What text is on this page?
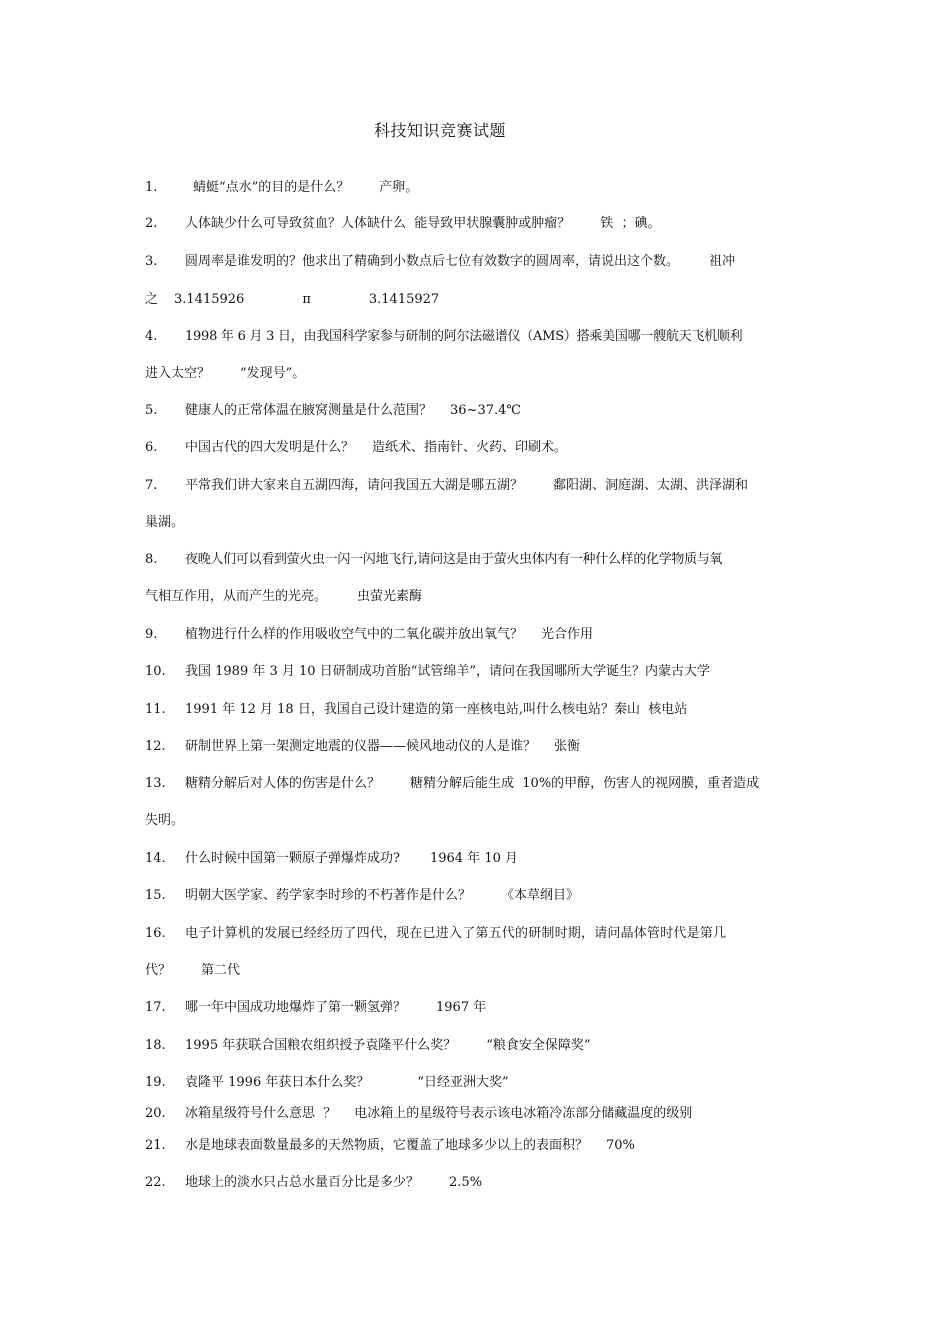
科技知识竞赛试题
1.	蜻蜓“点水”的目的是什么？ 产卵。
2. 人体缺少什么可导致贫血？人体缺什么  能导致甲状腺囊肿或肿瘤？ 铁  ；碘。
3. 圆周率是谁发明的？他求出了精确到小数点后七位有效数字的圆周率，请说出这个数。 祖冲
之 3.1415926	π	3.1415927
4. 1998 年 6 月 3 日，由我国科学家参与研制的阿尔法磁谱仪（AMS）搭乘美国哪一艘航天飞机顺利
进入太空？ “发现号”。
5. 健康人的正常体温在腋窝测量是什么范围？ 36~37.4℃
6. 中国古代的四大发明是什么？ 造纸术、指南针、火药、印刷术。
7. 平常我们讲大家来自五湖四海，请问我国五大湖是哪五湖？ 鄱阳湖、洞庭湖、太湖、洪泽湖和
巢湖。
8. 夜晚人们可以看到萤火虫一闪一闪地飞行,请问这是由于萤火虫体内有一种什么样的化学物质与氧
气相互作用，从而产生的光亮。 虫萤光素酶
9. 植物进行什么样的作用吸收空气中的二氧化碳并放出氧气？ 光合作用
10. 我国 1989 年 3 月 10 日研制成功首胎“试管绵羊”，请问在我国哪所大学诞生？内蒙古大学
11. 1991 年 12 月 18 日，我国自己设计建造的第一座核电站,叫什么核电站？秦山  核电站
12. 研制世界上第一架测定地震的仪器——候风地动仪的人是谁？ 张衡
13. 糖精分解后对人体的伤害是什么？ 糖精分解后能生成  10%的甲醇，伤害人的视网膜，重者造成
失明。
14. 什么时候中国第一颗原子弹爆炸成功? 1964 年 10 月
15. 明朝大医学家、药学家李时珍的不朽著作是什么？ 《本草纲目》
16. 电子计算机的发展已经经历了四代，现在已进入了第五代的研制时期，请问晶体管时代是第几
代？ 第二代
17. 哪一年中国成功地爆炸了第一颗氢弹？ 1967 年
18. 1995 年获联合国粮农组织授予袁隆平什么奖？ “粮食安全保障奖”
19. 袁隆平 1996 年获日本什么奖？	“日经亚洲大奖”
20. 冰箱星级符号什么意思  ？ 电冰箱上的星级符号表示该电冰箱冷冻部分储藏温度的级别
21. 水是地球表面数量最多的天然物质，它覆盖了地球多少以上的表面积？ 70%
22. 地球上的淡水只占总水量百分比是多少？ 2.5%
